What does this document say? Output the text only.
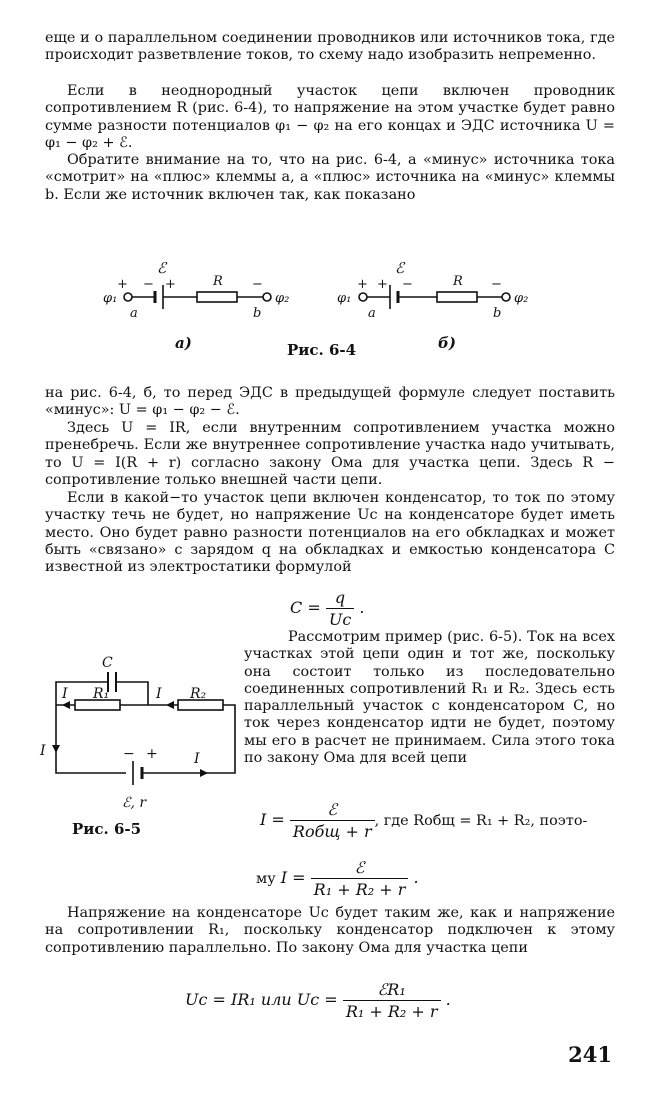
еще и о параллельном соединении проводников или источников тока, где происходит разветвление токов, то схему надо изобразить непременно.

Если в неоднородный участок цепи включен проводник сопротивлением R (рис. 6-4), то напряжение на этом участке будет равно сумме разности потенциалов φ₁ − φ₂ на его концах и ЭДС источника U = φ₁ − φ₂ + ℰ.

Обратите внимание на то, что на рис. 6-4, а «минус» источника тока «смотрит» на «плюс» клеммы a, а «плюс» источника на «минус» клеммы b. Если же источник включен так, как показано

φ₁
+ − +
ℰ
a
R −
b
φ₂	φ₁
+ + −
ℰ
a
R −
b
φ₂
а)	Рис. 6-4	б)

на рис. 6-4, б, то перед ЭДС в предыдущей формуле следует поставить «минус»: U = φ₁ − φ₂ − ℰ.

Здесь U = IR, если внутренним сопротивлением участка можно пренебречь. Если же внутреннее сопротивление участка надо учитывать, то U = I(R + r) согласно закону Ома для участка цепи. Здесь R − сопротивление только внешней части цепи.

Если в какой−то участок цепи включен конденсатор, то ток по этому участку течь не будет, но напряжение Uc на конденсаторе будет иметь место. Оно будет равно разности потенциалов на его обкладках и может быть «связано» с зарядом q на обкладках и емкостью конденсатора C известной из электростатики формулой

$C = \frac{q}{Uc}$ .
C
I R₁	I R₂
I	I
ℰ, r
− +
Рис. 6-5

Рассмотрим пример (рис. 6-5). Ток на всех участках этой цепи один и тот же, поскольку она состоит только из последовательно соединенных сопротивлений R₁ и R₂. Здесь есть параллельный участок с конденсатором C, но ток через конденсатор идти не будет, поэтому мы его в расчет не принимаем. Сила этого тока по закону Ома для всей цепи

$I = \frac{\text{ℰ}}{\text{Rобщ + r}}$ , где Rобщ = R₁ + R₂, поэто-
му $I = \frac{\text{ℰ}}{\text{R₁ + R₂ + r}}$ .

Напряжение на конденсаторе Uc будет таким же, как и напряжение на сопротивлении R₁, поскольку конденсатор подключен к этому сопротивлению параллельно. По закону Ома для участка цепи

Uc = IR₁ или $Uc = \frac{\text{ℰR₁}}{\text{R₁ + R₂ + r}}$ .
241
